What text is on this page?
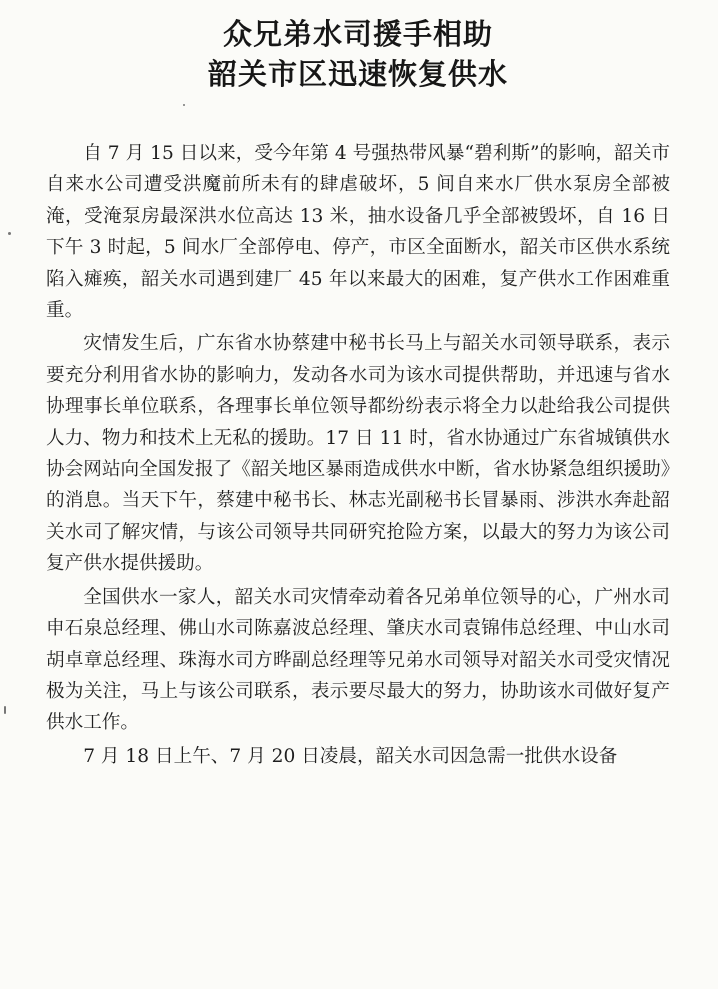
众兄弟水司援手相助
韶关市区迅速恢复供水

自 7 月 15 日以来，受今年第 4 号强热带风暴“碧利斯”的影响，韶关市自来水公司遭受洪魔前所未有的肆虐破坏，5 间自来水厂供水泵房全部被淹，受淹泵房最深洪水位高达 13 米，抽水设备几乎全部被毁坏，自 16 日下午 3 时起，5 间水厂全部停电、停产，市区全面断水，韶关市区供水系统陷入瘫痪，韶关水司遇到建厂 45 年以来最大的困难，复产供水工作困难重重。

灾情发生后，广东省水协蔡建中秘书长马上与韶关水司领导联系，表示要充分利用省水协的影响力，发动各水司为该水司提供帮助，并迅速与省水协理事长单位联系，各理事长单位领导都纷纷表示将全力以赴给我公司提供人力、物力和技术上无私的援助。17 日 11 时，省水协通过广东省城镇供水协会网站向全国发报了《韶关地区暴雨造成供水中断，省水协紧急组织援助》的消息。当天下午，蔡建中秘书长、林志光副秘书长冒暴雨、涉洪水奔赴韶关水司了解灾情，与该公司领导共同研究抢险方案，以最大的努力为该公司复产供水提供援助。

全国供水一家人，韶关水司灾情牵动着各兄弟单位领导的心，广州水司申石泉总经理、佛山水司陈嘉波总经理、肇庆水司袁锦伟总经理、中山水司胡卓章总经理、珠海水司方晔副总经理等兄弟水司领导对韶关水司受灾情况极为关注，马上与该公司联系，表示要尽最大的努力，协助该水司做好复产供水工作。

7 月 18 日上午、7 月 20 日凌晨，韶关水司因急需一批供水设备
